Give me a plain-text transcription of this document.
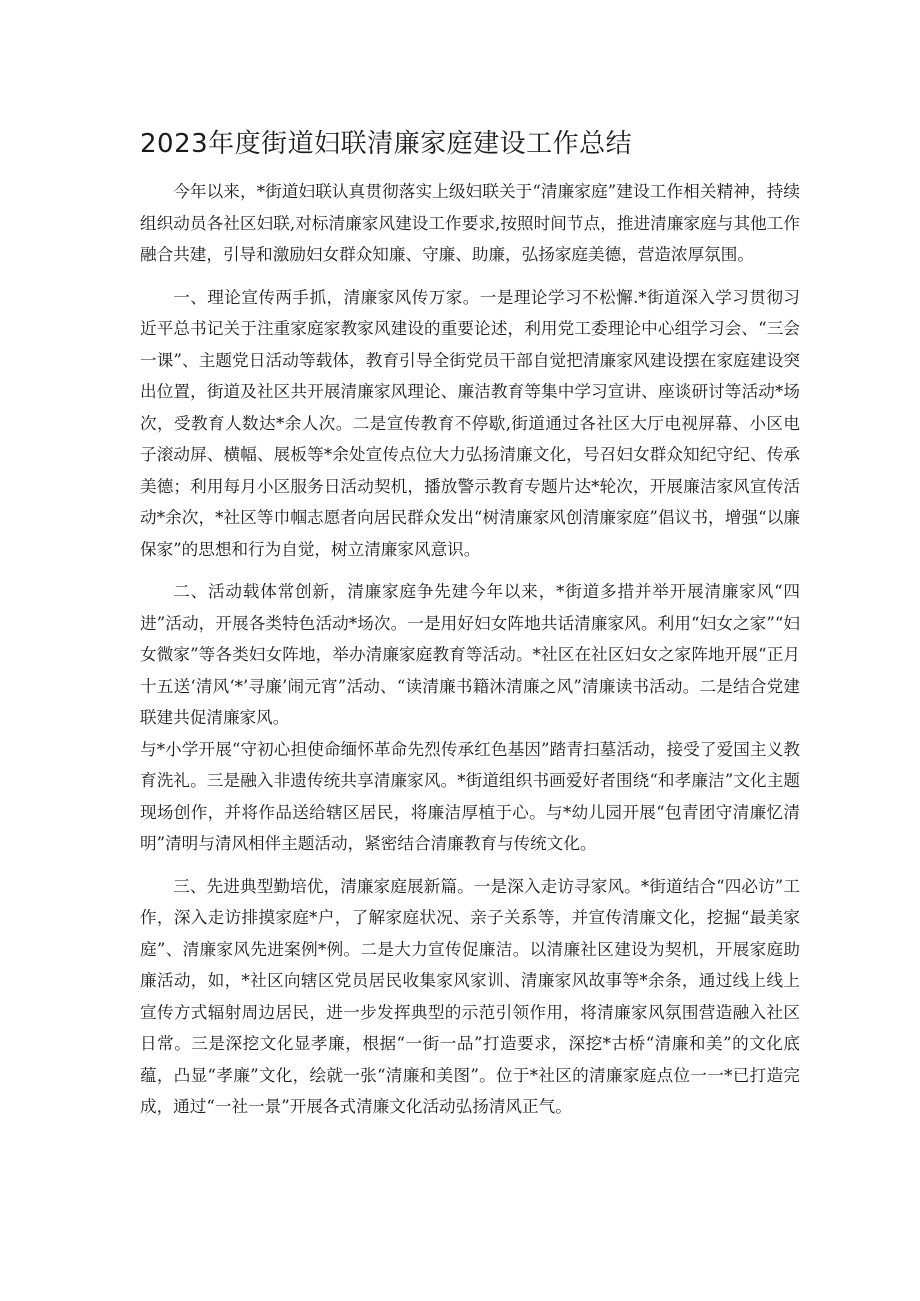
2023年度街道妇联清廉家庭建设工作总结

今年以来，*街道妇联认真贯彻落实上级妇联关于“清廉家庭”建设工作相关精神，持续组织动员各社区妇联,对标清廉家风建设工作要求,按照时间节点，推进清廉家庭与其他工作融合共建，引导和激励妇女群众知廉、守廉、助廉，弘扬家庭美德，营造浓厚氛围。

一、理论宣传两手抓，清廉家风传万家。一是理论学习不松懈.*街道深入学习贯彻习近平总书记关于注重家庭家教家风建设的重要论述，利用党工委理论中心组学习会、“三会一课”、主题党日活动等载体，教育引导全街党员干部自觉把清廉家风建设摆在家庭建设突出位置，街道及社区共开展清廉家风理论、廉洁教育等集中学习宣讲、座谈研讨等活动*场次，受教育人数达*余人次。二是宣传教育不停歇,街道通过各社区大厅电视屏幕、小区电子滚动屏、横幅、展板等*余处宣传点位大力弘扬清廉文化，号召妇女群众知纪守纪、传承美德；利用每月小区服务日活动契机，播放警示教育专题片达*轮次，开展廉洁家风宣传活动*余次，*社区等巾帼志愿者向居民群众发出“树清廉家风创清廉家庭”倡议书，增强“以廉保家”的思想和行为自觉，树立清廉家风意识。

二、活动载体常创新，清廉家庭争先建今年以来，*街道多措并举开展清廉家风“四进”活动，开展各类特色活动*场次。一是用好妇女阵地共话清廉家风。利用“妇女之家”“妇女微家”等各类妇女阵地，举办清廉家庭教育等活动。*社区在社区妇女之家阵地开展“正月十五送‘清风‘*’寻廉’闹元宵”活动、“读清廉书籍沐清廉之风”清廉读书活动。二是结合党建联建共促清廉家风。

与*小学开展“守初心担使命缅怀革命先烈传承红色基因”踏青扫墓活动，接受了爱国主义教育洗礼。三是融入非遗传统共享清廉家风。*街道组织书画爱好者围绕“和孝廉洁”文化主题现场创作，并将作品送给辖区居民，将廉洁厚植于心。与*幼儿园开展“包青团守清廉忆清明”清明与清风相伴主题活动，紧密结合清廉教育与传统文化。

三、先进典型勤培优，清廉家庭展新篇。一是深入走访寻家风。*街道结合“四必访”工作，深入走访排摸家庭*户，了解家庭状况、亲子关系等，并宣传清廉文化，挖掘“最美家庭”、清廉家风先进案例*例。二是大力宣传促廉洁。以清廉社区建设为契机，开展家庭助廉活动，如，*社区向辖区党员居民收集家风家训、清廉家风故事等*余条，通过线上线上宣传方式辐射周边居民，进一步发挥典型的示范引领作用，将清廉家风氛围营造融入社区日常。三是深挖文化显孝廉，根据“一街一品”打造要求，深挖*古桥“清廉和美”的文化底蕴，凸显“孝廉”文化，绘就一张“清廉和美图”。位于*社区的清廉家庭点位一一*已打造完成，通过“一社一景”开展各式清廉文化活动弘扬清风正气。
